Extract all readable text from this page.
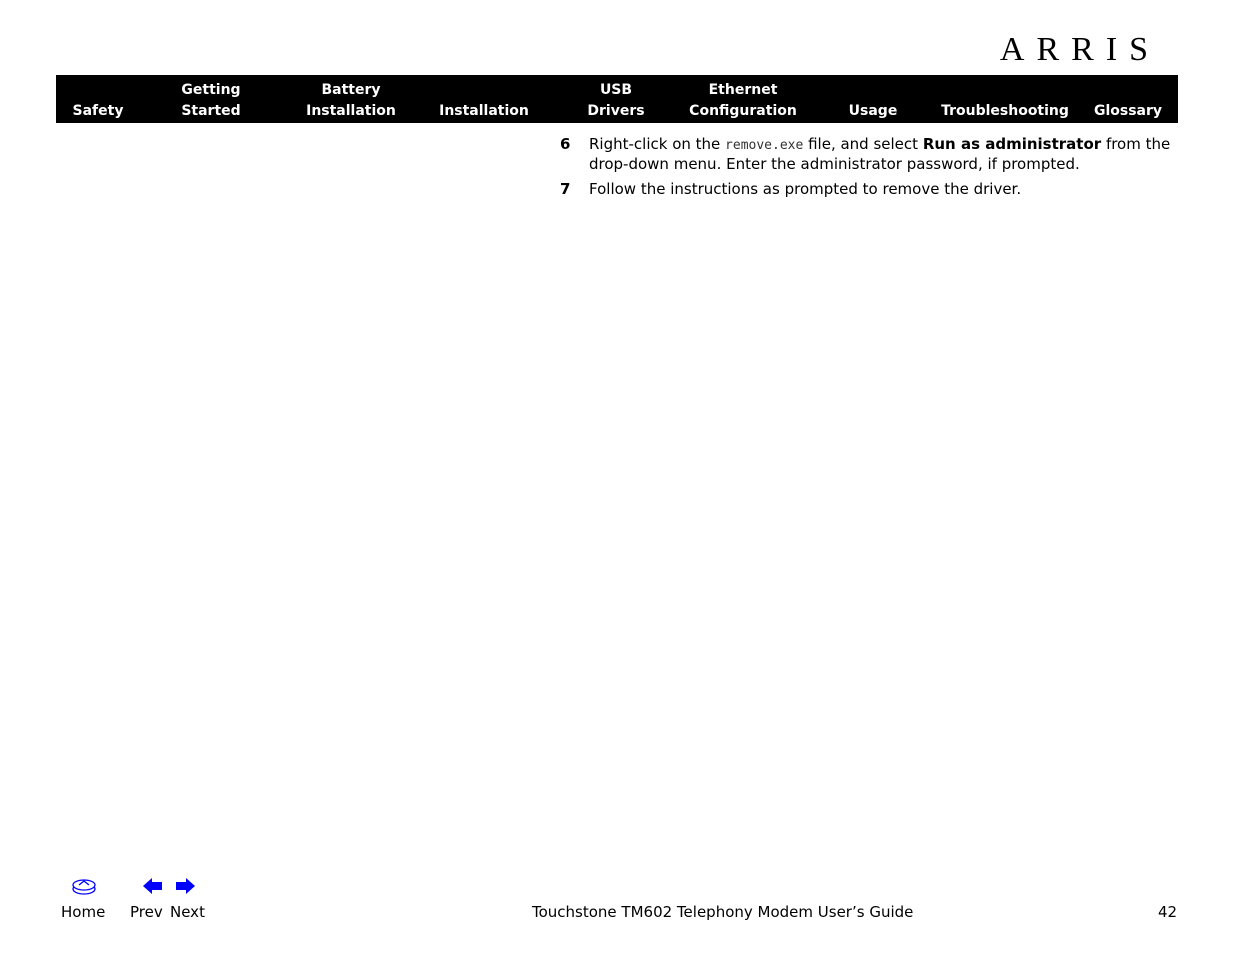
ARRIS
Safety
Getting
Started
Battery
Installation	Installation
USB
Drivers
Ethernet
Configuration	Usage	Troubleshooting	Glossary
6 Right-click on the remove.exe file, and select Run as administrator from the drop-down menu. Enter the administrator password, if prompted.
7 Follow the instructions as prompted to remove the driver.
Home Prev Next	Touchstone TM602 Telephony Modem User’s Guide	42
